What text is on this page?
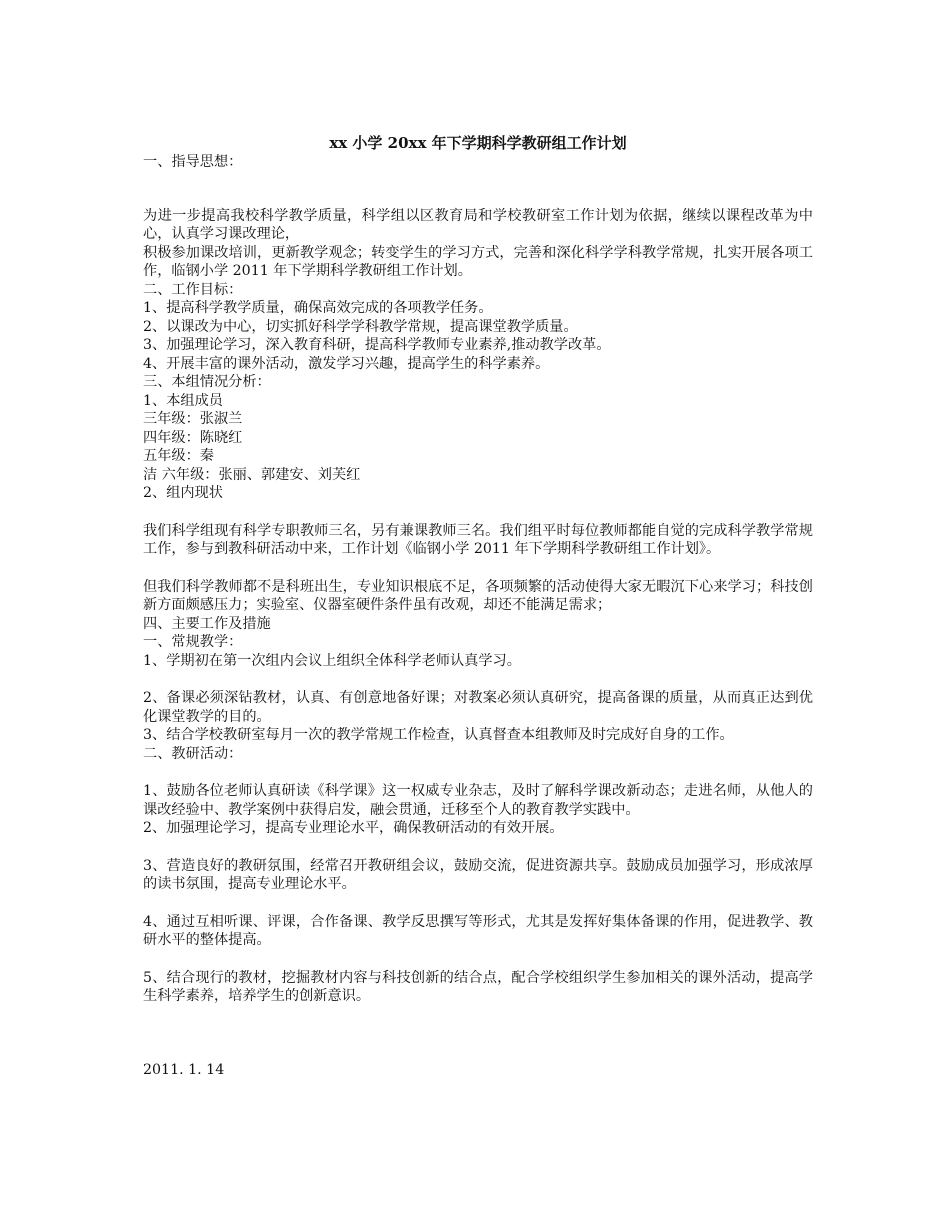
xx 小学 20xx 年下学期科学教研组工作计划

一、指导思想：

为进一步提高我校科学教学质量，科学组以区教育局和学校教研室工作计划为依据，继续以课程改革为中心，认真学习课改理论，

积极参加课改培训，更新教学观念；转变学生的学习方式，完善和深化科学学科教学常规，扎实开展各项工作，临钢小学 2011 年下学期科学教研组工作计划。

二、工作目标：

1、提高科学教学质量，确保高效完成的各项教学任务。

2、以课改为中心，切实抓好科学学科教学常规，提高课堂教学质量。

3、加强理论学习，深入教育科研，提高科学教师专业素养,推动教学改革。

4、开展丰富的课外活动，激发学习兴趣，提高学生的科学素养。

三、本组情况分析：

1、本组成员

三年级：张淑兰

四年级：陈晓红

五年级：秦

洁 六年级：张丽、郭建安、刘芙红

2、组内现状

我们科学组现有科学专职教师三名，另有兼课教师三名。我们组平时每位教师都能自觉的完成科学教学常规工作，参与到教科研活动中来，工作计划《临钢小学 2011 年下学期科学教研组工作计划》。

但我们科学教师都不是科班出生，专业知识根底不足，各项频繁的活动使得大家无暇沉下心来学习；科技创新方面颇感压力；实验室、仪器室硬件条件虽有改观，却还不能满足需求；

四、主要工作及措施

一、常规教学：

1、学期初在第一次组内会议上组织全体科学老师认真学习。

2、备课必须深钻教材，认真、有创意地备好课；对教案必须认真研究，提高备课的质量，从而真正达到优化课堂教学的目的。

3、结合学校教研室每月一次的教学常规工作检查，认真督查本组教师及时完成好自身的工作。

二、教研活动：

1、鼓励各位老师认真研读《科学课》这一权威专业杂志，及时了解科学课改新动态；走进名师，从他人的课改经验中、教学案例中获得启发，融会贯通，迁移至个人的教育教学实践中。

2、加强理论学习，提高专业理论水平，确保教研活动的有效开展。

3、营造良好的教研氛围，经常召开教研组会议，鼓励交流，促进资源共享。鼓励成员加强学习，形成浓厚的读书氛围，提高专业理论水平。

4、通过互相听课、评课，合作备课、教学反思撰写等形式，尤其是发挥好集体备课的作用，促进教学、教研水平的整体提高。

5、结合现行的教材，挖掘教材内容与科技创新的结合点，配合学校组织学生参加相关的课外活动，提高学生科学素养，培养学生的创新意识。

2011. 1. 14
